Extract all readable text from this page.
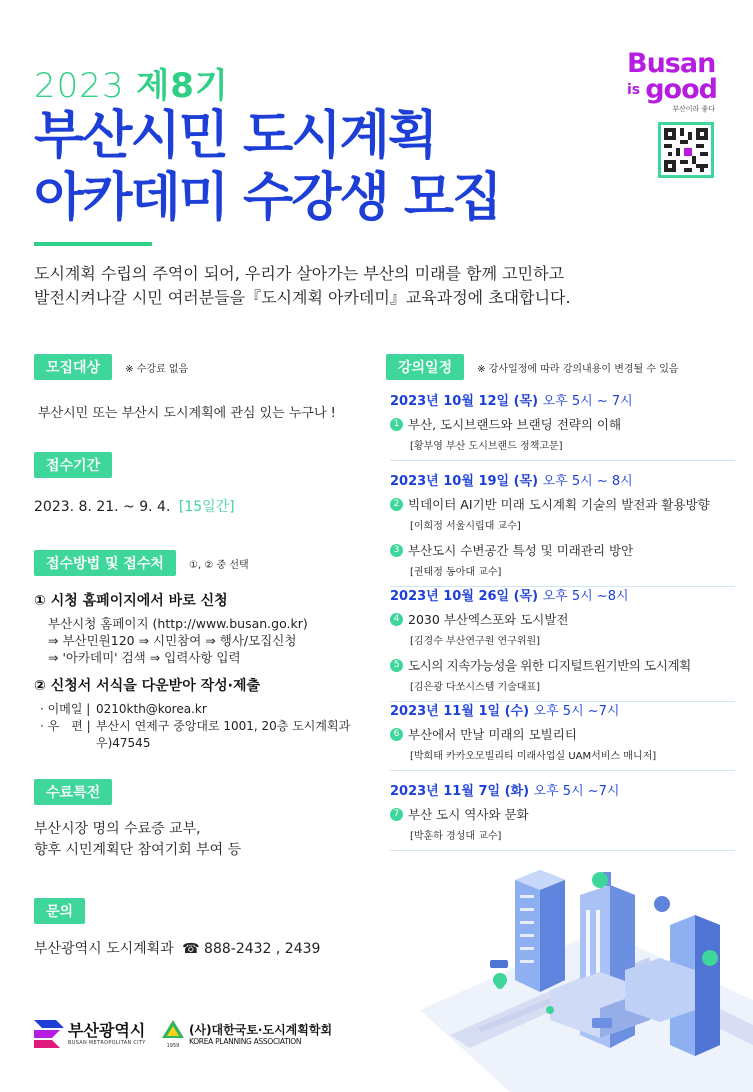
2023 제8기
부산시민 도시계획
아카데미 수강생 모집
도시계획 수립의 주역이 되어, 우리가 살아가는 부산의 미래를 함께 고민하고
발전시켜나갈 시민 여러분들을『도시계획 아카데미』교육과정에 초대합니다.
Busan
is good
부산이라 좋다
모집대상	※ 수강료 없음
부산시민 또는 부산시 도시계획에 관심 있는 누구나 !
접수기간
2023. 8. 21. ~ 9. 4. [15일간]
접수방법 및 접수처	①, ② 중 선택
① 시청 홈페이지에서 바로 신청
부산시청 홈페이지 (http://www.busan.go.kr)
⇒ 부산민원120 ⇒ 시민참여 ⇒ 행사/모집신청
⇒ '아카데미' 검색 ⇒ 입력사항 입력
② 신청서 서식을 다운받아 작성·제출
· 이메일 | 0210kth@korea.kr
· 우　편 | 부산시 연제구 중앙대로 1001, 20층 도시계획과
우)47545
수료특전
부산시장 명의 수료증 교부,
향후 시민계획단 참여기회 부여 등
문의
부산광역시 도시계획과 ☎ 888-2432 , 2439
강의일정	※ 강사일정에 따라 강의내용이 변경될 수 있음
2023년 10월 12일 (목) 오후 5시 ~ 7시
1 부산, 도시브랜드와 브랜딩 전략의 이해
[황부영 부산 도시브랜드 정책고문]
2023년 10월 19일 (목) 오후 5시 ~ 8시
2 빅데이터 AI기반 미래 도시계획 기술의 발전과 활용방향
[이희정 서울시립대 교수]
3 부산도시 수변공간 특성 및 미래관리 방안
[권태정 동아대 교수]
2023년 10월 26일 (목) 오후 5시 ~8시
4 2030 부산엑스포와 도시발전
[김경수 부산연구원 연구위원]
5 도시의 지속가능성을 위한 디지털트윈기반의 도시계획
[김은광 다쏘시스템 기술대표]
2023년 11월 1일 (수) 오후 5시 ~7시
6 부산에서 만날 미래의 모빌리티
[박희태 카카오모빌리티 미래사업실 UAM서비스 매니저]
2023년 11월 7일 (화) 오후 5시 ~7시
7 부산 도시 역사와 문화
[박훈하 경성대 교수]
부산광역시
BUSAN METROPOLITAN CITY	1959
(사)대한국토·도시계획학회
KOREA PLANNING ASSOCIATION
